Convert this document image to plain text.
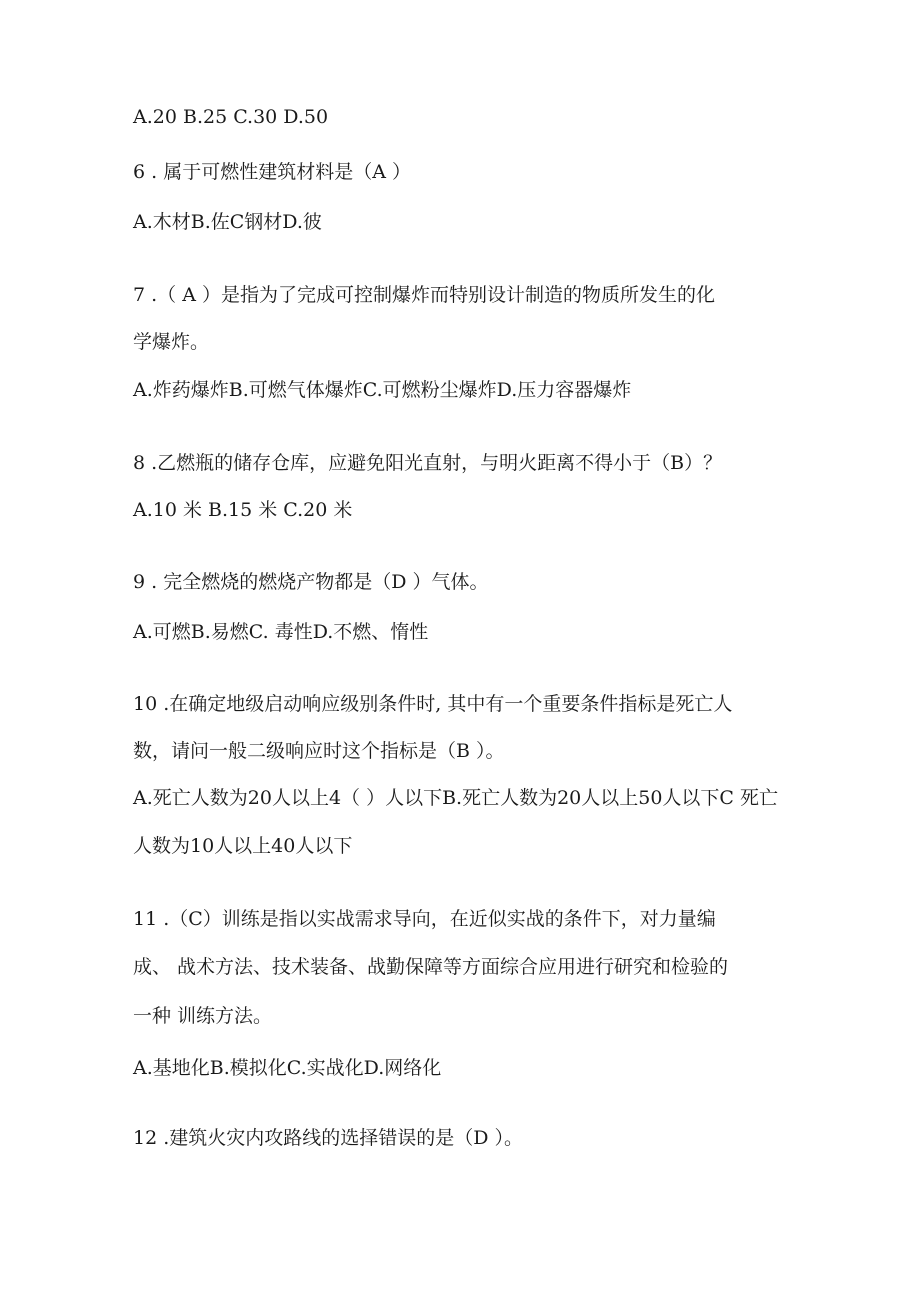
A.20 B.25 C.30 D.50
6 . 属于可燃性建筑材料是（A ）
A.木材B.佐C钢材D.彼
7 .（ A ）是指为了完成可控制爆炸而特别设计制造的物质所发生的化
学爆炸。
A.炸药爆炸B.可燃气体爆炸C.可燃粉尘爆炸D.压力容器爆炸
8 .乙燃瓶的储存仓库，应避免阳光直射，与明火距离不得小于（B）？
A.10 米 B.15 米 C.20 米
9 . 完全燃烧的燃烧产物都是（D ）气体。
A.可燃B.易燃C. 毒性D.不燃、惰性
10 .在确定地级启动响应级别条件时, 其中有一个重要条件指标是死亡人
数，请问一般二级响应时这个指标是（B ）。
A.死亡人数为20人以上4（ ）人以下B.死亡人数为20人以上50人以下C 死亡
人数为10人以上40人以下
11 .（C）训练是指以实战需求导向，在近似实战的条件下，对力量编
成、 战术方法、技术装备、战勤保障等方面综合应用进行研究和检验的
一种 训练方法。
A.基地化B.模拟化C.实战化D.网络化
12 .建筑火灾内攻路线的选择错误的是（D ）。
